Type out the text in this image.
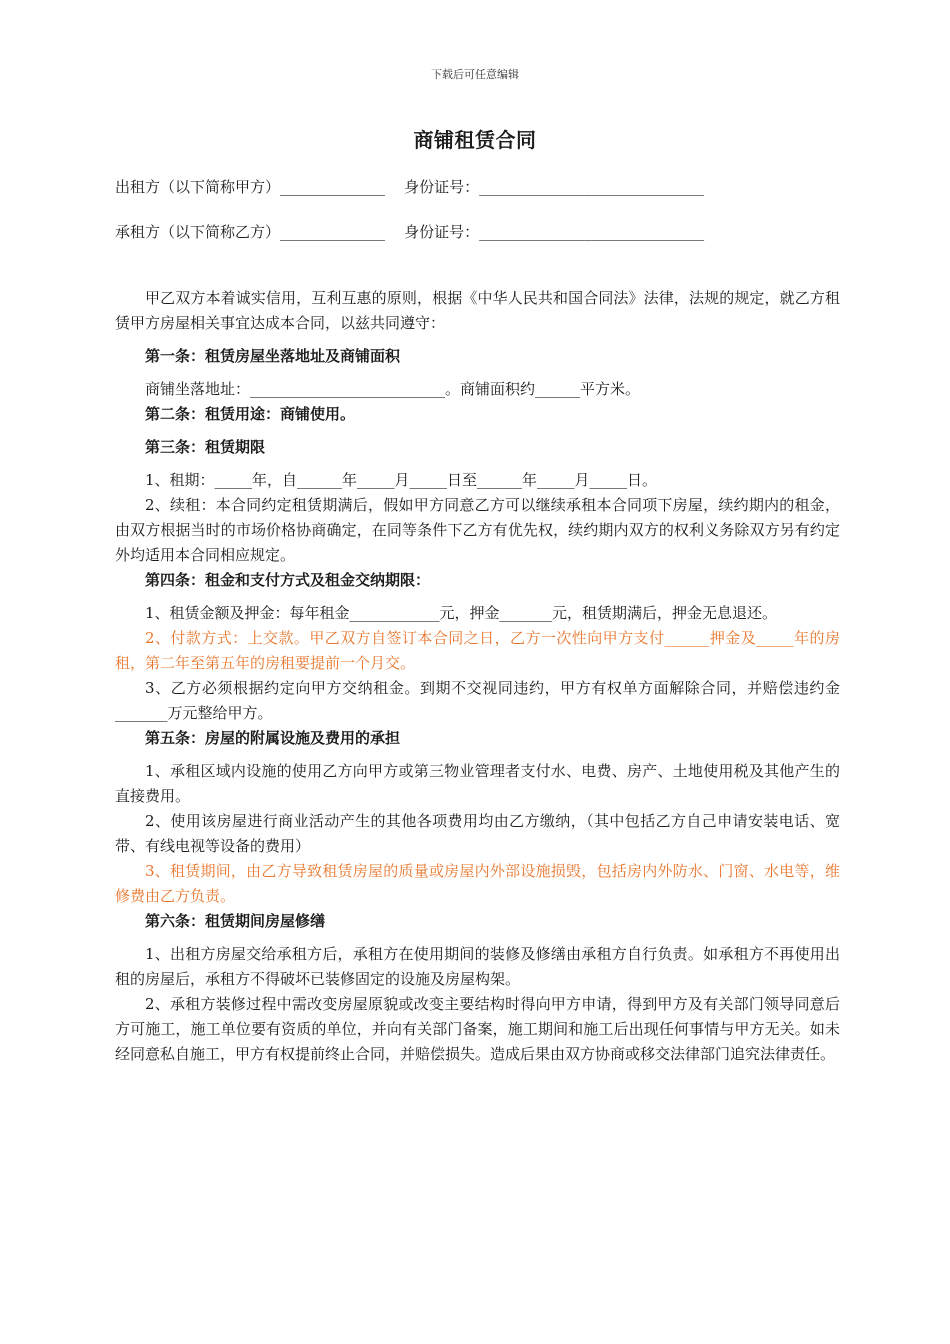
下载后可任意编辑
商铺租赁合同
出租方（以下简称甲方）______________    身份证号：______________________________
承租方（以下简称乙方）______________    身份证号：______________________________

甲乙双方本着诚实信用，互利互惠的原则，根据《中华人民共和国合同法》法律，法规的规定，就乙方租赁甲方房屋相关事宜达成本合同，以兹共同遵守：

第一条：租赁房屋坐落地址及商铺面积

商铺坐落地址：__________________________。商铺面积约______平方米。

第二条：租赁用途：商铺使用。

第三条：租赁期限

1、租期：_____年，自______年_____月_____日至______年_____月_____日。

2、续租：本合同约定租赁期满后，假如甲方同意乙方可以继续承租本合同项下房屋，续约期内的租金，由双方根据当时的市场价格协商确定，在同等条件下乙方有优先权，续约期内双方的权利义务除双方另有约定外均适用本合同相应规定。

第四条：租金和支付方式及租金交纳期限：

1、租赁金额及押金：每年租金____________元，押金_______元，租赁期满后，押金无息退还。

2、付款方式：上交款。甲乙双方自签订本合同之日，乙方一次性向甲方支付______押金及_____年的房租，第二年至第五年的房租要提前一个月交。

3、乙方必须根据约定向甲方交纳租金。到期不交视同违约，甲方有权单方面解除合同，并赔偿违约金_______万元整给甲方。

第五条：房屋的附属设施及费用的承担

1、承租区域内设施的使用乙方向甲方或第三物业管理者支付水、电费、房产、土地使用税及其他产生的直接费用。

2、使用该房屋进行商业活动产生的其他各项费用均由乙方缴纳，（其中包括乙方自己申请安装电话、宽带、有线电视等设备的费用）

3、租赁期间，由乙方导致租赁房屋的质量或房屋内外部设施损毁，包括房内外防水、门窗、水电等，维修费由乙方负责。

第六条：租赁期间房屋修缮

1、出租方房屋交给承租方后，承租方在使用期间的装修及修缮由承租方自行负责。如承租方不再使用出租的房屋后，承租方不得破坏已装修固定的设施及房屋构架。

2、承租方装修过程中需改变房屋原貌或改变主要结构时得向甲方申请，得到甲方及有关部门领导同意后方可施工，施工单位要有资质的单位，并向有关部门备案，施工期间和施工后出现任何事情与甲方无关。如未经同意私自施工，甲方有权提前终止合同，并赔偿损失。造成后果由双方协商或移交法律部门追究法律责任。
